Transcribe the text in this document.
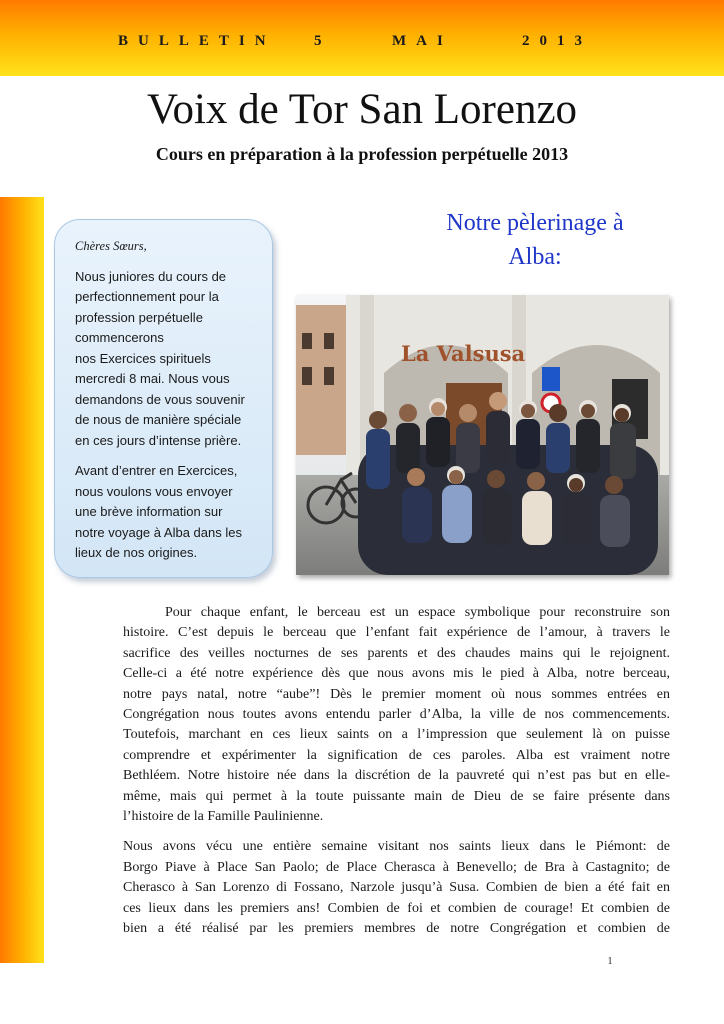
BULLETIN	5	MAI	2013
Voix de Tor San Lorenzo
Cours en préparation à la profession perpétuelle 2013

Chères Sœurs,

Nous juniores du cours de
perfectionnement pour la
profession perpétuelle
commencerons
nos Exercices spirituels
mercredi 8 mai. Nous vous
demandons de vous souvenir
de nous de manière spéciale
en ces jours d’intense prière.

Avant d’entrer en Exercices,
nous voulons vous envoyer
une brève information sur
notre voyage à Alba dans les
lieux de nos origines.

Notre pèlerinage à
Alba:
La Valsusa

Pour chaque enfant, le berceau est un espace symbolique pour reconstruire son
histoire. C’est depuis le berceau que l’enfant fait expérience de l’amour, à travers le
sacrifice des veilles nocturnes de ses parents et des chaudes mains qui le rejoignent.
Celle-ci a été notre expérience dès que nous avons mis le pied à Alba, notre berceau,
notre pays natal, notre “aube”! Dès le premier moment où nous sommes entrées en
Congrégation nous toutes avons entendu parler d’Alba, la ville de nos commencements.
Toutefois, marchant en ces lieux saints on a l’impression que seulement là on puisse
comprendre et expérimenter la signification de ces paroles. Alba est vraiment notre
Bethléem. Notre histoire née dans la discrétion de la pauvreté qui n’est pas but en elle-
même, mais qui permet à la toute puissante main de Dieu de se faire présente dans
l’histoire de la Famille Paulinienne.

Nous avons vécu une entière semaine visitant nos saints lieux dans le Piémont: de
Borgo Piave à Place San Paolo; de Place Cherasca à Benevello; de Bra à Castagnito; de
Cherasco à San Lorenzo di Fossano, Narzole jusqu’à Susa. Combien de bien a été fait en
ces lieux dans les premiers ans! Combien de foi et combien de courage! Et combien de
bien a été réalisé par les premiers membres de notre Congrégation et combien de

1
